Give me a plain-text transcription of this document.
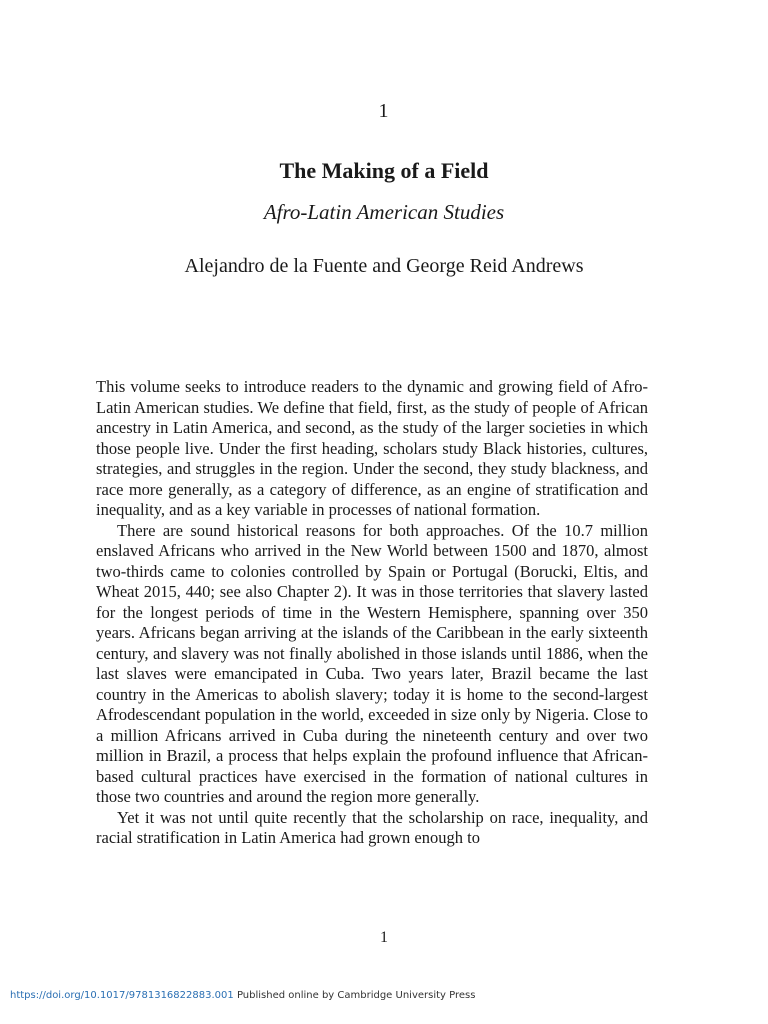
1
The Making of a Field
Afro-Latin American Studies
Alejandro de la Fuente and George Reid Andrews

This volume seeks to introduce readers to the dynamic and growing field of Afro-Latin American studies. We define that field, first, as the study of people of African ancestry in Latin America, and second, as the study of the larger societies in which those people live. Under the first heading, scholars study Black histories, cultures, strategies, and struggles in the region. Under the second, they study blackness, and race more generally, as a category of difference, as an engine of stratification and inequality, and as a key variable in processes of national formation.

There are sound historical reasons for both approaches. Of the 10.7 million enslaved Africans who arrived in the New World between 1500 and 1870, almost two-thirds came to colonies controlled by Spain or Portugal (Borucki, Eltis, and Wheat 2015, 440; see also Chapter 2). It was in those territories that slavery lasted for the longest periods of time in the Western Hemisphere, spanning over 350 years. Africans began arriving at the islands of the Caribbean in the early sixteenth century, and slavery was not finally abolished in those islands until 1886, when the last slaves were emancipated in Cuba. Two years later, Brazil became the last country in the Americas to abolish slavery; today it is home to the second-largest Afrodescendant population in the world, exceeded in size only by Nigeria. Close to a million Africans arrived in Cuba during the nineteenth century and over two million in Brazil, a process that helps explain the profound influence that African-based cultural practices have exercised in the formation of national cultures in those two countries and around the region more generally.

Yet it was not until quite recently that the scholarship on race, inequality, and racial stratification in Latin America had grown enough to

1
https://doi.org/10.1017/9781316822883.001 Published online by Cambridge University Press
